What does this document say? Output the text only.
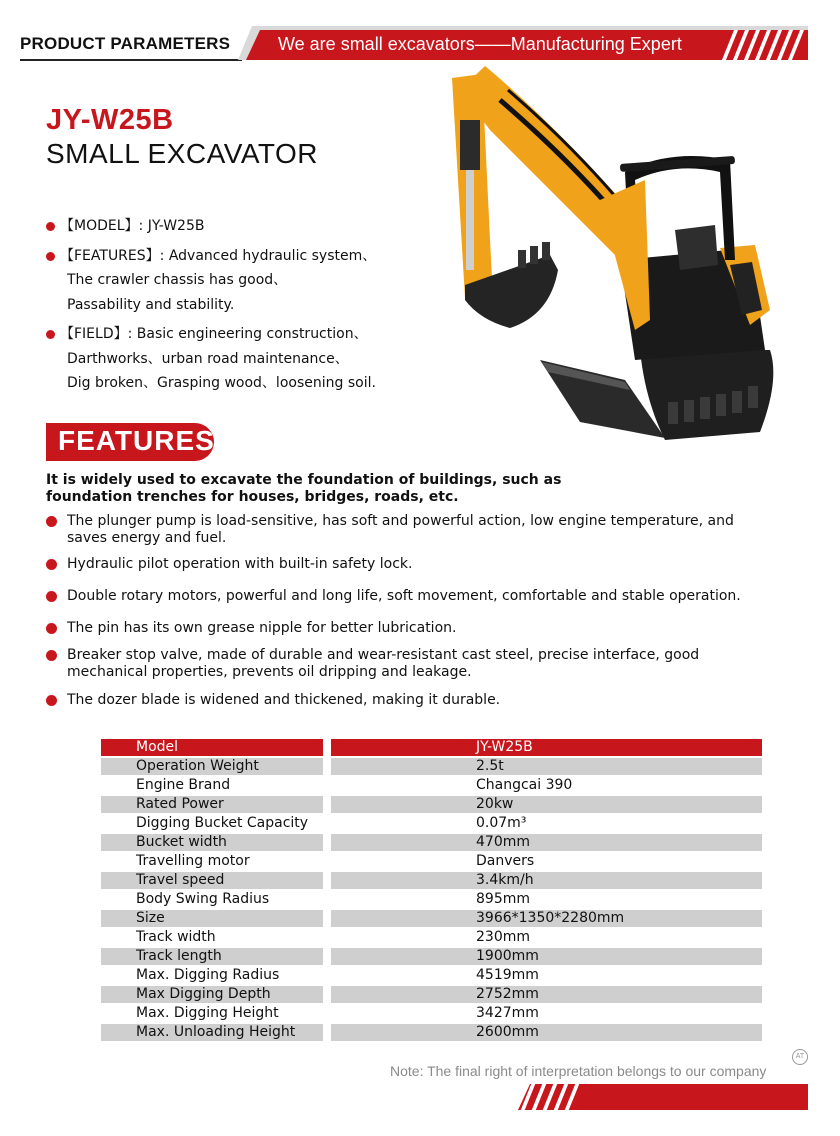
PRODUCT PARAMETERS	We are small excavators——Manufacturing Expert
JY-W25B
SMALL EXCAVATOR
【MODEL】: JY-W25B
【FEATURES】: Advanced hydraulic system、
The crawler chassis has good、
Passability and stability.
【FIELD】: Basic engineering construction、
Darthworks、urban road maintenance、
Dig broken、Grasping wood、loosening soil.
FEATURES
It is widely used to excavate the foundation of buildings, such as foundation trenches for houses, bridges, roads, etc.
The plunger pump is load-sensitive, has soft and powerful action, low engine temperature, and saves energy and fuel.
Hydraulic pilot operation with built-in safety lock.
Double rotary motors, powerful and long life, soft movement, comfortable and stable operation.
The pin has its own grease nipple for better lubrication.
Breaker stop valve, made of durable and wear-resistant cast steel, precise interface, good mechanical properties, prevents oil dripping and leakage.
The dozer blade is widened and thickened, making it durable.
Model	JY-W25B
Operation Weight	2.5t
Engine Brand	Changcai 390
Rated Power	20kw
Digging Bucket Capacity	0.07m³
Bucket width	470mm
Travelling motor	Danvers
Travel speed	3.4km/h
Body Swing Radius	895mm
Size	3966*1350*2280mm
Track width	230mm
Track length	1900mm
Max. Digging Radius	4519mm
Max Digging Depth	2752mm
Max. Digging Height	3427mm
Max. Unloading Height	2600mm
AT
Note: The final right of interpretation belongs to our company
